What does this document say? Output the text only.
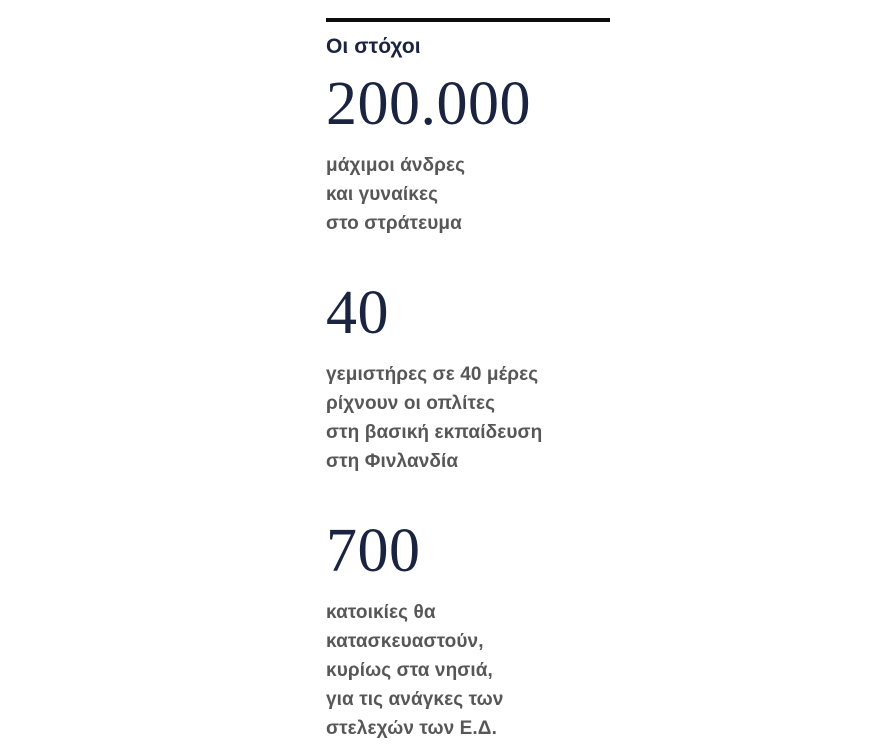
Οι στόχοι
200.000

μάχιμοι άνδρες
και γυναίκες
στο στράτευμα

40

γεμιστήρες σε 40 μέρες
ρίχνουν οι οπλίτες
στη βασική εκπαίδευση
στη Φινλανδία

700

κατοικίες θα
κατασκευαστούν,
κυρίως στα νησιά,
για τις ανάγκες των
στελεχών των Ε.Δ.
